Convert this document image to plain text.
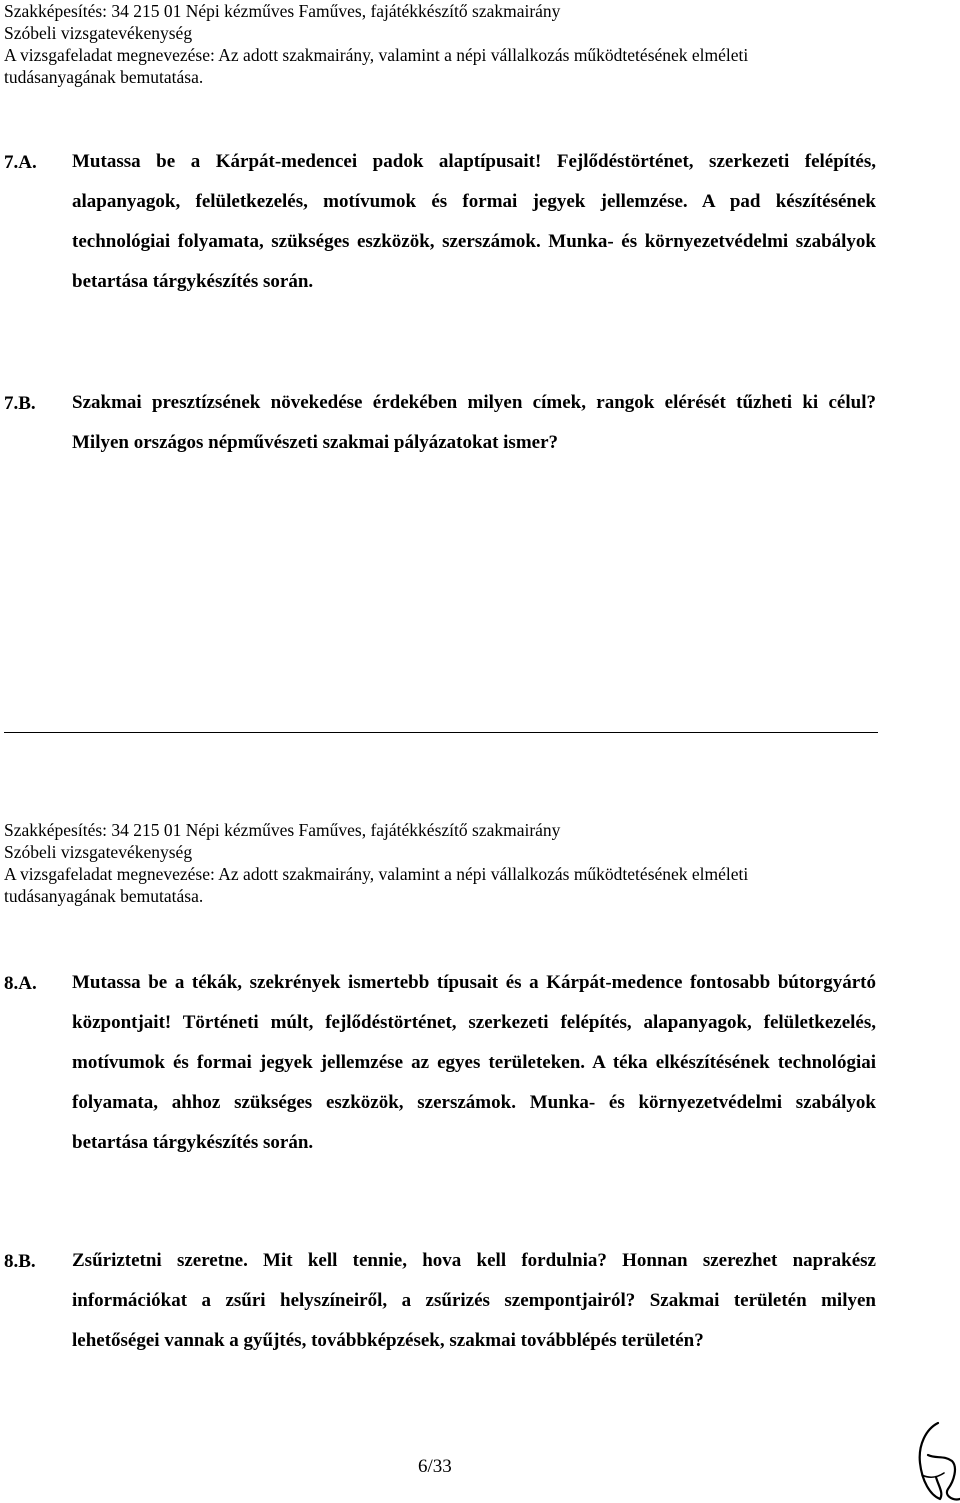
Szakképesítés: 34 215 01 Népi kézműves Faműves, fajátékkészítő szakmairány
Szóbeli vizsgatevékenység
A vizsgafeladat megnevezése: Az adott szakmairány, valamint a népi vállalkozás működtetésének elméleti
tudásanyagának bemutatása.
7.A.	Mutassa be a Kárpát-medencei padok alaptípusait! Fejlődéstörténet, szerkezeti felépítés, alapanyagok, felületkezelés, motívumok és formai jegyek jellemzése. A pad készítésének technológiai folyamata, szükséges eszközök, szerszámok. Munka- és környezetvédelmi szabályok betartása tárgykészítés során.
7.B.	Szakmai presztízsének növekedése érdekében milyen címek, rangok elérését tűzheti ki célul? Milyen országos népművészeti szakmai pályázatokat ismer?
Szakképesítés: 34 215 01 Népi kézműves Faműves, fajátékkészítő szakmairány
Szóbeli vizsgatevékenység
A vizsgafeladat megnevezése: Az adott szakmairány, valamint a népi vállalkozás működtetésének elméleti
tudásanyagának bemutatása.
8.A.	Mutassa be a tékák, szekrények ismertebb típusait és a Kárpát-medence fontosabb bútorgyártó központjait! Történeti múlt, fejlődéstörténet, szerkezeti felépítés, alapanyagok, felületkezelés, motívumok és formai jegyek jellemzése az egyes területeken. A téka elkészítésének technológiai folyamata, ahhoz szükséges eszközök, szerszámok. Munka- és környezetvédelmi szabályok betartása tárgykészítés során.
8.B.	Zsűriztetni szeretne. Mit kell tennie, hova kell fordulnia? Honnan szerezhet naprakész információkat a zsűri helyszíneiről, a zsűrizés szempontjairól? Szakmai területén milyen lehetőségei vannak a gyűjtés, továbbképzések, szakmai továbblépés területén?
6/33
